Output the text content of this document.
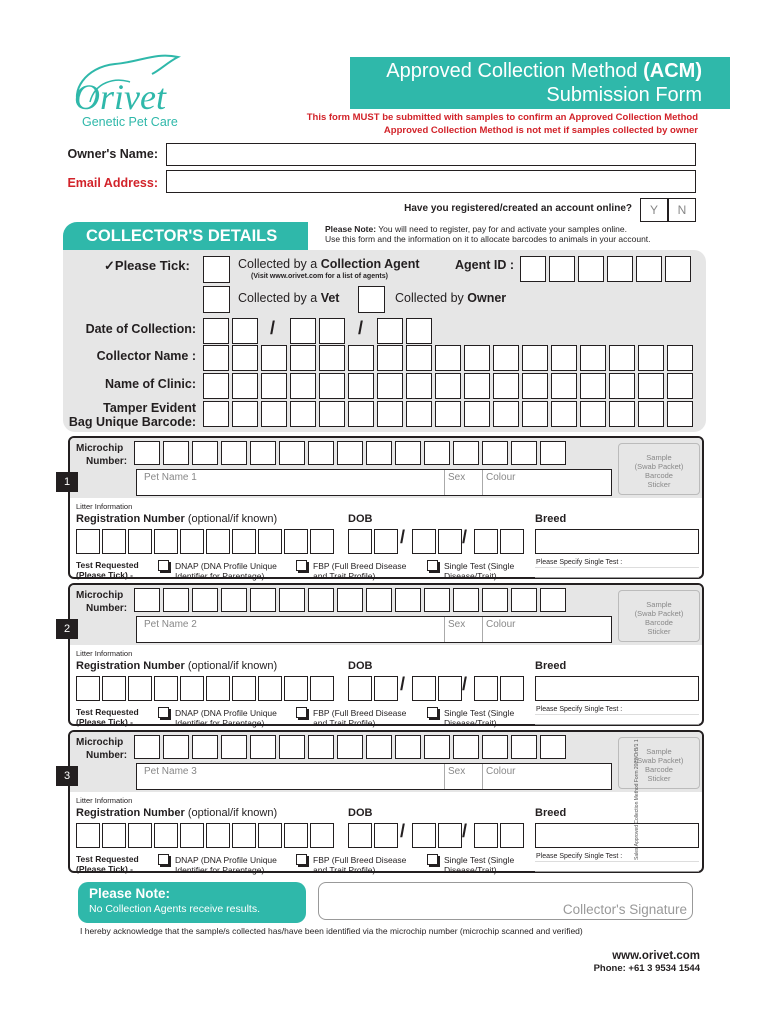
Orivet
Genetic Pet Care
Approved Collection Method (ACM)
Submission Form
This form MUST be submitted with samples to confirm an Approved Collection Method
Approved Collection Method is not met if samples collected by owner
Owner's Name:
Email Address:
Have you registered/created an account online?	Y	N
Please Note: You will need to register, pay for and activate your samples online.
Use this form and the information on it to allocate barcodes to animals in your account.
COLLECTOR'S DETAILS
✓Please Tick:	Collected by a Collection Agent
(Visit www.orivet.com for a list of agents)
Agent ID :
Collected by a Vet	Collected by Owner
Date of Collection:	/	/
Collector Name :
Name of Clinic:
Tamper Evident
Bag Unique Barcode:
Microchip
Number:
Pet Name 1	Sex	Colour
Sample
(Swab Packet)
Barcode
Sticker
Litter Information
Registration Number (optional/if known)	DOB	Breed
/	/
Test Requested
(Please Tick) -
DNAP (DNA Profile Unique
Identifier for Parentage)
FBP (Full Breed Disease
and Trait Profile)
Single Test (Single
Disease/Trait)
Please Specify Single Test :
1
Microchip
Number:
Pet Name 2	Sex	Colour
Sample
(Swab Packet)
Barcode
Sticker
Litter Information
Registration Number (optional/if known)	DOB	Breed
/	/
Test Requested
(Please Tick) -
DNAP (DNA Profile Unique
Identifier for Parentage)
FBP (Full Breed Disease
and Trait Profile)
Single Test (Single
Disease/Trait)
Please Specify Single Test :
2
Microchip
Number:
Pet Name 3	Sex	Colour
Sample
(Swab Packet)
Barcode
Sticker
Litter Information
Registration Number (optional/if known)	DOB	Breed
/	/
Test Requested
(Please Tick) -
DNAP (DNA Profile Unique
Identifier for Parentage)
FBP (Full Breed Disease
and Trait Profile)
Single Test (Single
Disease/Trait)
Please Specify Single Test :
3
Please Note:
No Collection Agents receive results.	Collector's Signature
I hereby acknowledge that the sample/s collected has/have been identified via the microchip number (microchip scanned and verified)
www.orivet.com
Phone: +61 3 9534 1544
Sales Approved Collection Method Form 2022/OrB/1 1
